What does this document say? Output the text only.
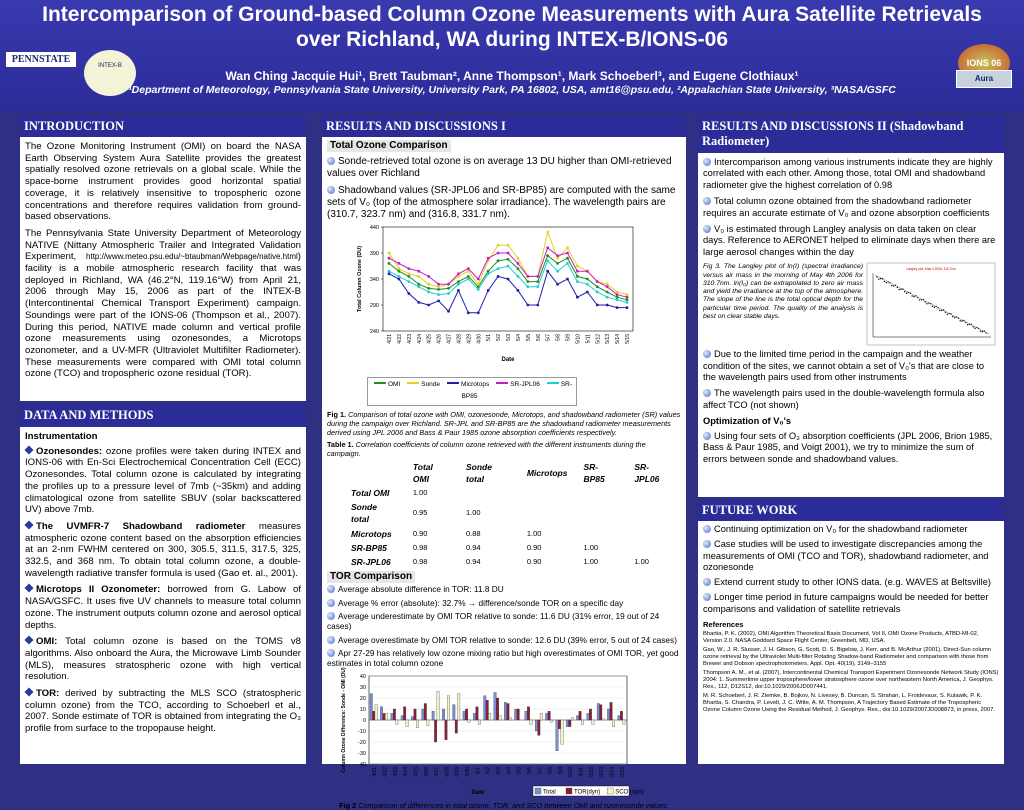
Intercomparison of Ground-based Column Ozone Measurements with Aura Satellite Retrievals
over Richland, WA during INTEX-B/IONS-06
Wan Ching Jacquie Hui¹, Brett Taubman², Anne Thompson¹, Mark Schoeberl³, and Eugene Clothiaux¹
¹Department of Meteorology, Pennsylvania State University, University Park, PA 16802, USA, amt16@psu.edu, ²Appalachian State University, ³NASA/GSFC
PENNSTATE
INTEX-B	IONS 06
Aura
INTRODUCTION

The Ozone Monitoring Instrument (OMI) on board the NASA Earth Observing System Aura Satellite provides the greatest spatially resolved ozone retrievals on a global scale. While the space-borne instrument provides good horizontal spatial coverage, it is relatively insensitive to tropospheric ozone concentrations and therefore requires validation from ground-based observations.

The Pennsylvania State University Department of Meteorology NATIVE (Nittany Atmospheric Trailer and Integrated Validation Experiment, http://www.meteo.psu.edu/~btaubman/Webpage/native.html) facility is a mobile atmospheric research facility that was deployed in Richland, WA (46.2°N, 119.16°W) from April 21, 2006 through May 15, 2006 as part of the INTEX-B (Intercontinental Chemical Transport Experiment) campaign. Soundings were part of the IONS-06 (Thompson et al., 2007). During this period, NATIVE made column and vertical profile ozone measurements using ozonesondes, a Microtops ozonometer, and a UV-MFR (Ultraviolet Multifilter Radiometer). These measurements were compared with OMI total column ozone (TCO) and tropospheric ozone residual (TOR).

DATA AND METHODS

Instrumentation

Ozonesondes: ozone profiles were taken during INTEX and IONS-06 with En-Sci Electrochemical Concentration Cell (ECC) Ozonesondes. Total column ozone is calculated by integrating the profiles up to a pressure level of 7mb (~35km) and adding climatological ozone from satellite SBUV (solar backscattered UV) above 7mb.

The UVMFR-7 Shadowband radiometer measures atmospheric ozone content based on the absorption efficiencies at an 2-nm FWHM centered on 300, 305.5, 311.5, 317.5, 325, 332.5, and 368 nm. To obtain total column ozone, a double-wavelength radiative transfer formula is used (Gao et. al., 2001).

Microtops II Ozonometer: borrowed from G. Labow of NASA/GSFC. It uses five UV channels to measure total column ozone. The instrument outputs column ozone and aerosol optical depths.

OMI: Total column ozone is based on the TOMS v8 algorithms. Also onboard the Aura, the Microwave Limb Sounder (MLS), measures stratospheric ozone with high vertical resolution.

TOR: derived by subtracting the MLS SCO (stratospheric column ozone) from the TCO, according to Schoeberl et al., 2007. Sonde estimate of TOR is obtained from integrating the O₃ profile from surface to the tropopause height.

RESULTS AND DISCUSSIONS I
Total Ozone Comparison

Sonde-retrieved total ozone is on average 13 DU higher than OMI-retrieved values over Richland

Shadowband values (SR-JPL06 and SR-BP85) are computed with the same sets of V₀ (top of the atmosphere solar irradiance). The wavelength pairs are (310.7, 323.7 nm) and (316.8, 331.7 nm).

240
290
340
390
440
4/21 4/22 4/23 4/24 4/25 4/26 4/27 4/28 4/29 4/30 5/1 5/2 5/3 5/4 5/5 5/6 5/7 5/8 5/9 5/10 5/11 5/12 5/13 5/14 5/15
Total Column Ozone (DU)
Date
OMI	Sonde	Microtops	SR-JPL06	SR-BP85

Fig 1. Comparison of total ozone with OMI, ozonesonde, Microtops, and shadowband radiometer (SR) values during the campaign over Richland. SR-JPL and SR-BP85 are the shadowband radiometer measurements derived using JPL 2006 and Bass & Paur 1985 ozone absorption coefficients respectively.

Table 1. Correlation coefficients of column ozone retrieved with the different instruments during the campaign.

	Total OMI	Sonde total	Microtops	SR-BP85	SR-JPL06
Total OMI	1.00				
Sonde total	0.95	1.00			
Microtops	0.90	0.88	1.00		
SR-BP85	0.98	0.94	0.90	1.00	
SR-JPL06	0.98	0.94	0.90	1.00	1.00
TOR Comparison

Average absolute difference in TOR: 11.8 DU

Average % error (absolute): 32.7% → difference/sonde TOR on a specific day

Average underestimate by OMI TOR relative to sonde: 11.6 DU (31% error, 19 out of 24 cases)

Average overestimate by OMI TOR relative to sonde: 12.6 DU (39% error, 5 out of 24 cases)

Apr 27-29 has relatively low ozone mixing ratio but high overestimates of OMI TOR, yet good estimates in total column ozone

-40
-30
-20
-10
0
10
20
30
40
4/21 4/22 4/23 4/24 4/25 4/26 4/27 4/28 4/29 4/30 5/1 5/2 5/3 5/4 5/5 5/6 5/7 5/8 5/9 5/10 5/11 5/12 5/13 5/14 5/15
Column Ozone Difference: Sonde - OMI (DU)
Date	Total	TOR(dyn) SCO (dyn)

Fig 2 Comparison of differences in total ozone, TOR, and SCO between OMI and ozonesonde values.

RESULTS AND DISCUSSIONS II (Shadowband Radiometer)

Intercomparison among various instruments indicate they are highly correlated with each other. Among those, total OMI and shadowband radiometer give the highest correlation of 0.98

Total column ozone obtained from the shadowband radiometer requires an accurate estimate of V₀ and ozone absorption coefficients

V₀ is estimated through Langley analysis on data taken on clear days. Reference to AERONET helped to eliminate days when there are large aerosol changes within the day

Fig 3. The Langley plot of ln(I) (spectral irradiance) versus air mass in the morning of May 4th 2006 for 310.7nm. ln(I₀) can be extrapolated to zero air mass and yield the irradiance at the top of the atmosphere. The slope of the line is the total optical depth for the particular time period. The quality of the analysis is best on clear stable days.

Langley plot, May 4 2006, 310.7nm

Due to the limited time period in the campaign and the weather condition of the sites, we cannot obtain a set of V₀'s that are close to the wavelength pairs used from other instruments

The wavelength pairs used in the double-wavelength formula also affect TCO (not shown)

Optimization of V₀'s

Using four sets of O₃ absorption coefficients (JPL 2006, Brion 1985, Bass & Paur 1985, and Voigt 2001), we try to minimize the sum of errors between sonde and shadowband values.

FUTURE WORK

Continuing optimization on V₀ for the shadowband radiometer

Case studies will be used to investigate discrepancies among the measurements of OMI (TCO and TOR), shadowband radiometer, and ozonesonde

Extend current study to other IONS data. (e.g. WAVES at Beltsville)

Longer time period in future campaigns would be needed for better comparisons and validation of satellite retrievals

References

Bhartia, P. K. (2002), OMI Algorithm Theoretical Basis Document, Vol II, OMI Ozone Products, ATBD-MI-02, Version 2.0. NASA Goddard Space Flight Center, Greenbelt, MD, USA.

Gao, W., J. R. Slusser, J. H. Gibson, G. Scott, D. S. Bigelow, J. Kerr, and B. McArthur (2001), Direct-Sun column ozone retrieval by the Ultraviolet Multi-filter Rotating Shadow-band Radiometer and comparison with those from Brewer and Dobson spectrophotometers, Appl. Opt. 40(19), 3149–3155

Thompson A. M., et al. (2007), Intercontinental Chemical Transport Experiment Ozonesonde Network Study (IONS) 2004: 1. Summertime upper troposphere/lower stratosphere ozone over northeastern North America, J. Geophys. Res., 112, D12S12, doi:10.1029/2006JD007441.

M. R. Schoeberl, J. R. Ziemke, B. Bojkov, N. Livesey, B. Duncan, S. Strahan, L. Froidevaux, S. Kulawik, P. K. Bhartia, S. Chandra, P. Levelt, J. C. Witte, A. M. Thompson, A Trajectory Based Estimate of the Tropospheric Ozone Column Ozone Using the Residual Method, J. Geophys. Res., doi:10.1029/2007JD008873, in press, 2007.
